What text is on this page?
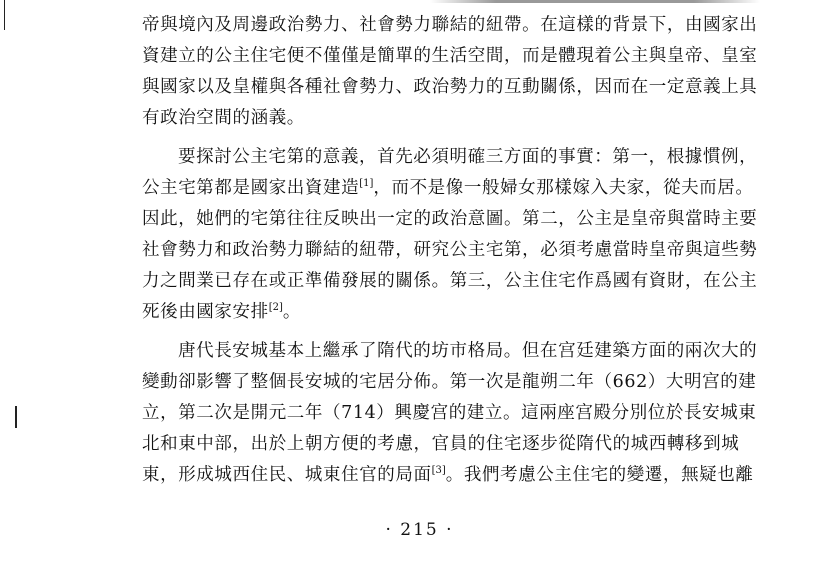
帝與境內及周邊政治勢力、社會勢力聯結的紐帶。在這樣的背景下，由國家出
資建立的公主住宅便不僅僅是簡單的生活空間，而是體現着公主與皇帝、皇室
與國家以及皇權與各種社會勢力、政治勢力的互動關係，因而在一定意義上具
有政治空間的涵義。
要探討公主宅第的意義，首先必須明確三方面的事實：第一，根據慣例，
公主宅第都是國家出資建造[1]，而不是像一般婦女那樣嫁入夫家，從夫而居。
因此，她們的宅第往往反映出一定的政治意圖。第二，公主是皇帝與當時主要
社會勢力和政治勢力聯結的紐帶，研究公主宅第，必須考慮當時皇帝與這些勢
力之間業已存在或正準備發展的關係。第三，公主住宅作爲國有資財，在公主
死後由國家安排[2]。
唐代長安城基本上繼承了隋代的坊市格局。但在宫廷建築方面的兩次大的
變動卻影響了整個長安城的宅居分佈。第一次是龍朔二年（662）大明宫的建
立，第二次是開元二年（714）興慶宫的建立。這兩座宫殿分別位於長安城東
北和東中部，出於上朝方便的考慮，官員的住宅逐步從隋代的城西轉移到城
東，形成城西住民、城東住官的局面[3]。我們考慮公主住宅的變遷，無疑也離
· 215 ·
